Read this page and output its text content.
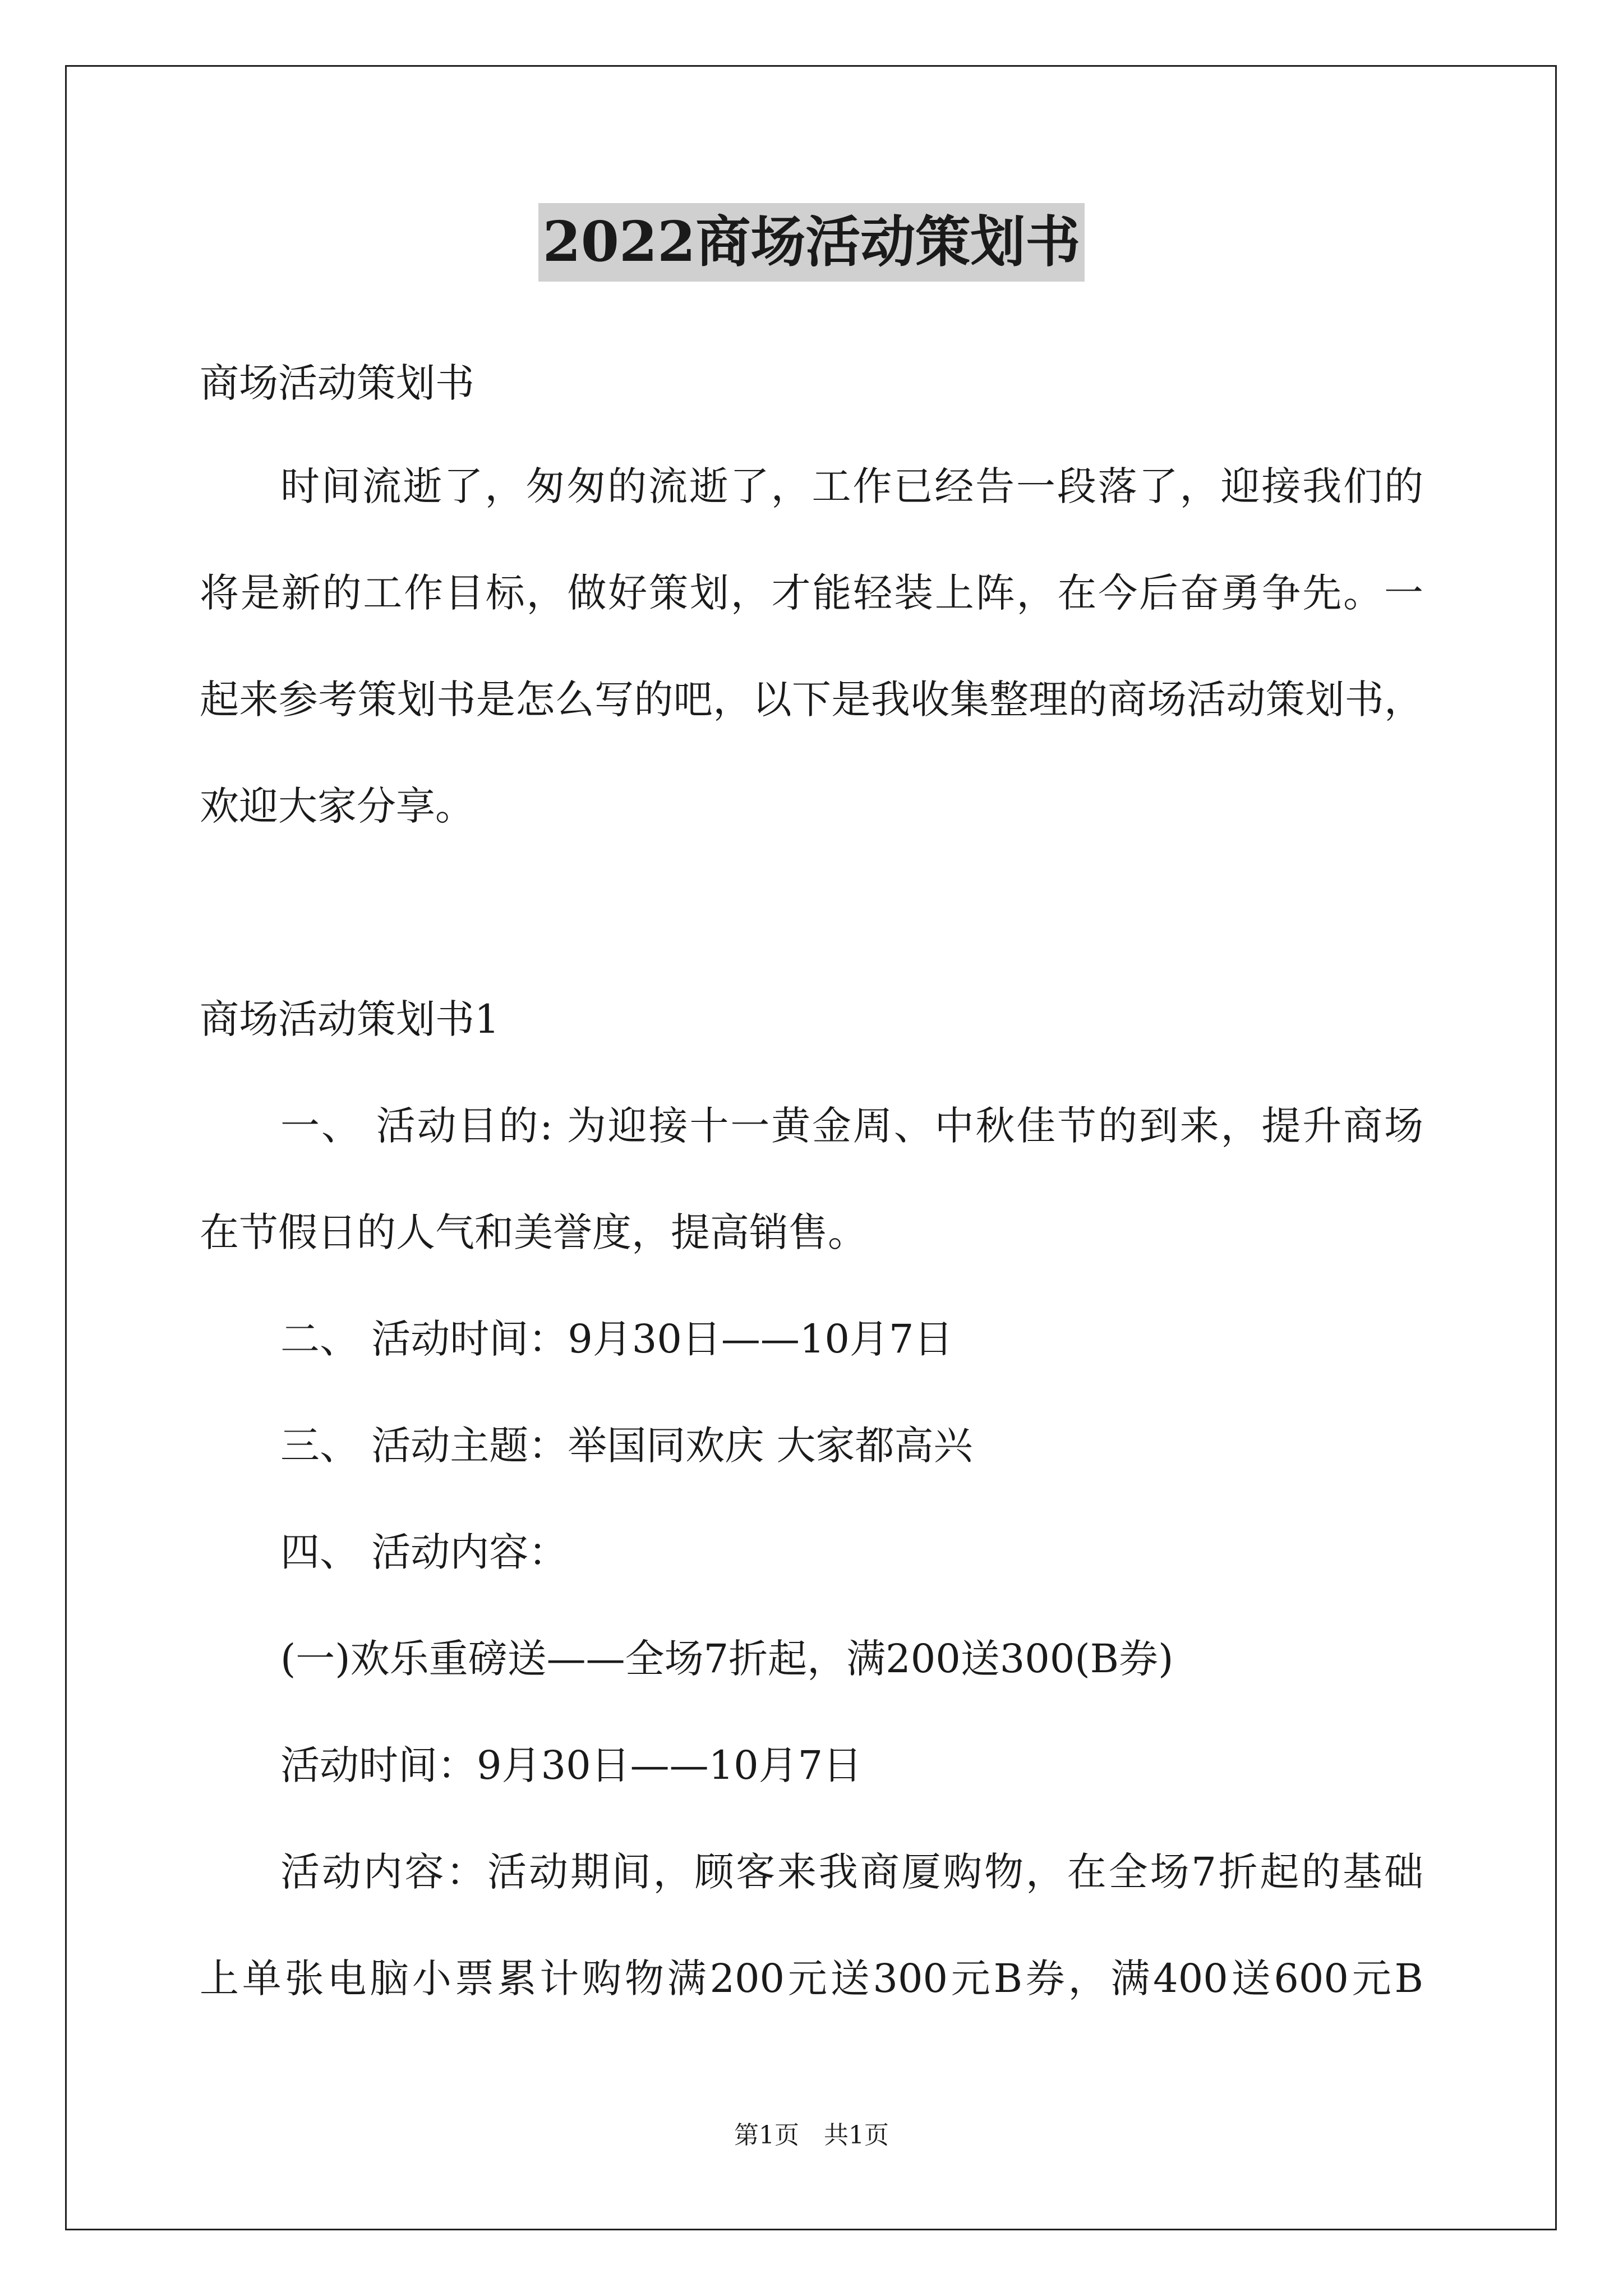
2022商场活动策划书

商场活动策划书

时间流逝了，匆匆的流逝了，工作已经告一段落了，迎接我们的

将是新的工作目标，做好策划，才能轻装上阵，在今后奋勇争先。一

起来参考策划书是怎么写的吧，以下是我收集整理的商场活动策划书，

欢迎大家分享。

商场活动策划书1

一、 活动目的: 为迎接十一黄金周、中秋佳节的到来，提升商场

在节假日的人气和美誉度，提高销售。

二、 活动时间：9月30日——10月7日

三、 活动主题：举国同欢庆 大家都高兴

四、 活动内容：

(一)欢乐重磅送——全场7折起，满200送300(B券)

活动时间：9月30日——10月7日

活动内容：活动期间，顾客来我商厦购物，在全场7折起的基础

上单张电脑小票累计购物满200元送300元B券，满400送600元B

第1页　共1页
